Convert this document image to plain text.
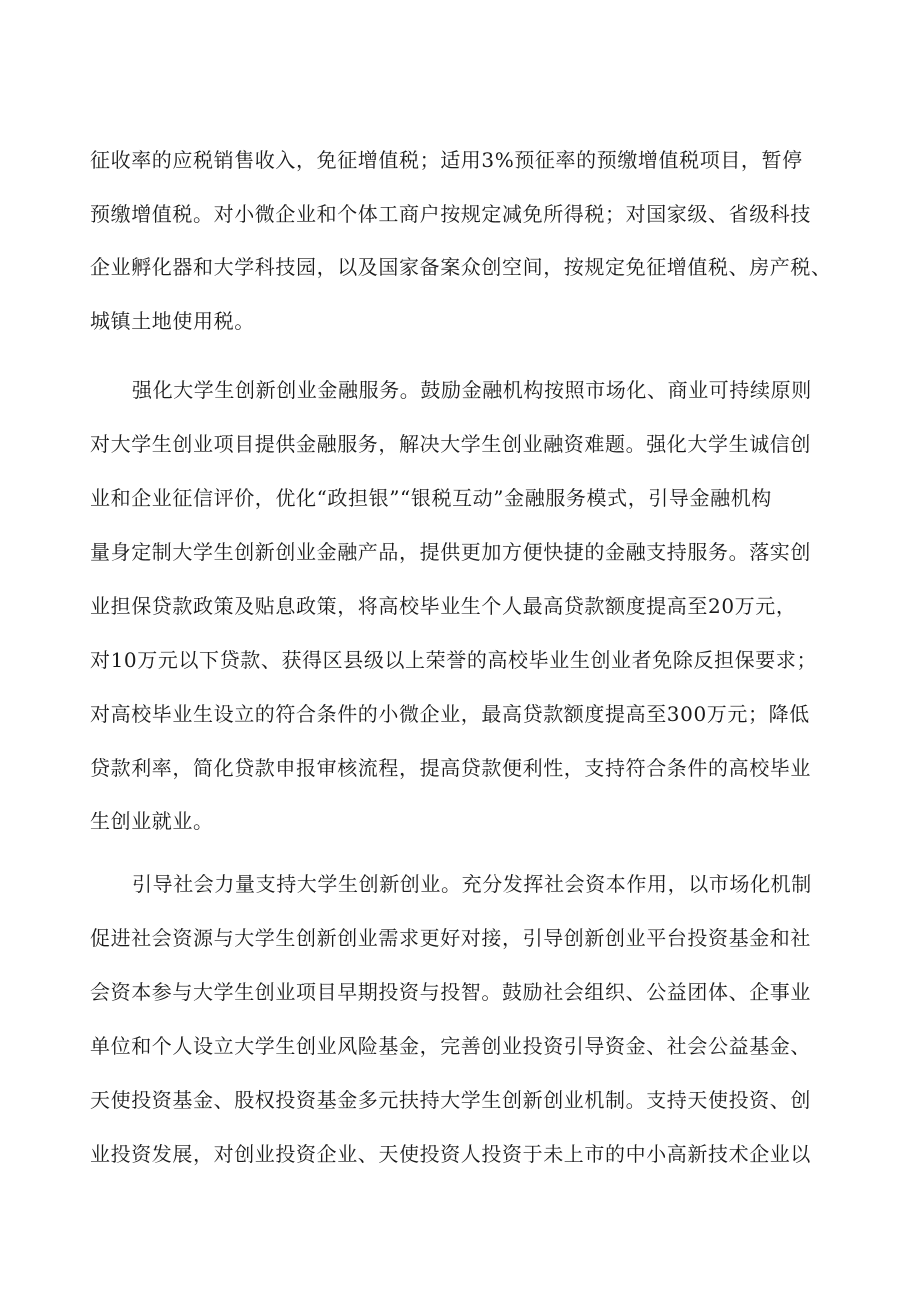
征收率的应税销售收入，免征增值税；适用3%预征率的预缴增值税项目，暂停
预缴增值税。对小微企业和个体工商户按规定减免所得税；对国家级、省级科技
企业孵化器和大学科技园，以及国家备案众创空间，按规定免征增值税、房产税、
城镇土地使用税。
强化大学生创新创业金融服务。鼓励金融机构按照市场化、商业可持续原则
对大学生创业项目提供金融服务，解决大学生创业融资难题。强化大学生诚信创
业和企业征信评价，优化“政担银”“银税互动”金融服务模式，引导金融机构
量身定制大学生创新创业金融产品，提供更加方便快捷的金融支持服务。落实创
业担保贷款政策及贴息政策，将高校毕业生个人最高贷款额度提高至20万元，
对10万元以下贷款、获得区县级以上荣誉的高校毕业生创业者免除反担保要求；
对高校毕业生设立的符合条件的小微企业，最高贷款额度提高至300万元；降低
贷款利率，简化贷款申报审核流程，提高贷款便利性，支持符合条件的高校毕业
生创业就业。
引导社会力量支持大学生创新创业。充分发挥社会资本作用，以市场化机制
促进社会资源与大学生创新创业需求更好对接，引导创新创业平台投资基金和社
会资本参与大学生创业项目早期投资与投智。鼓励社会组织、公益团体、企事业
单位和个人设立大学生创业风险基金，完善创业投资引导资金、社会公益基金、
天使投资基金、股权投资基金多元扶持大学生创新创业机制。支持天使投资、创
业投资发展，对创业投资企业、天使投资人投资于未上市的中小高新技术企业以
